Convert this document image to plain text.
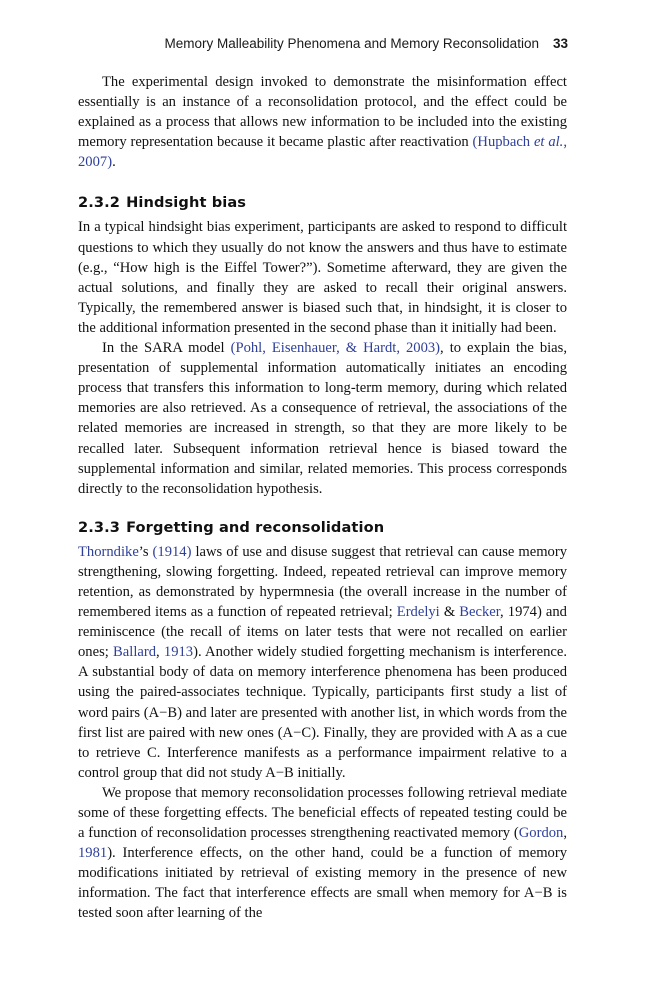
Memory Malleability Phenomena and Memory Reconsolidation 33

The experimental design invoked to demonstrate the misinformation effect essentially is an instance of a reconsolidation protocol, and the effect could be explained as a process that allows new information to be included into the existing memory representation because it became plastic after reactivation (Hupbach et al., 2007).

2.3.2 Hindsight bias

In a typical hindsight bias experiment, participants are asked to respond to difficult questions to which they usually do not know the answers and thus have to estimate (e.g., “How high is the Eiffel Tower?”). Sometime afterward, they are given the actual solutions, and finally they are asked to recall their original answers. Typically, the remembered answer is biased such that, in hindsight, it is closer to the additional information presented in the second phase than it initially had been.

In the SARA model (Pohl, Eisenhauer, & Hardt, 2003), to explain the bias, presentation of supplemental information automatically initiates an encoding process that transfers this information to long-term memory, during which related memories are also retrieved. As a consequence of retrieval, the associations of the related memories are increased in strength, so that they are more likely to be recalled later. Subsequent information retrieval hence is biased toward the supplemental information and similar, related memories. This process corresponds directly to the reconsolidation hypothesis.

2.3.3 Forgetting and reconsolidation

Thorndike’s (1914) laws of use and disuse suggest that retrieval can cause memory strengthening, slowing forgetting. Indeed, repeated retrieval can improve memory retention, as demonstrated by hypermnesia (the overall increase in the number of remembered items as a function of repeated retrieval; Erdelyi & Becker, 1974) and reminiscence (the recall of items on later tests that were not recalled on earlier ones; Ballard, 1913). Another widely studied forgetting mechanism is interference. A substantial body of data on memory interference phenomena has been produced using the paired-associates technique. Typically, participants first study a list of word pairs (A−B) and later are presented with another list, in which words from the first list are paired with new ones (A−C). Finally, they are provided with A as a cue to retrieve C. Interference manifests as a performance impairment relative to a control group that did not study A−B initially.

We propose that memory reconsolidation processes following retrieval mediate some of these forgetting effects. The beneficial effects of repeated testing could be a function of reconsolidation processes strengthening reactivated memory (Gordon, 1981). Interference effects, on the other hand, could be a function of memory modifications initiated by retrieval of existing memory in the presence of new information. The fact that interference effects are small when memory for A−B is tested soon after learning of the
